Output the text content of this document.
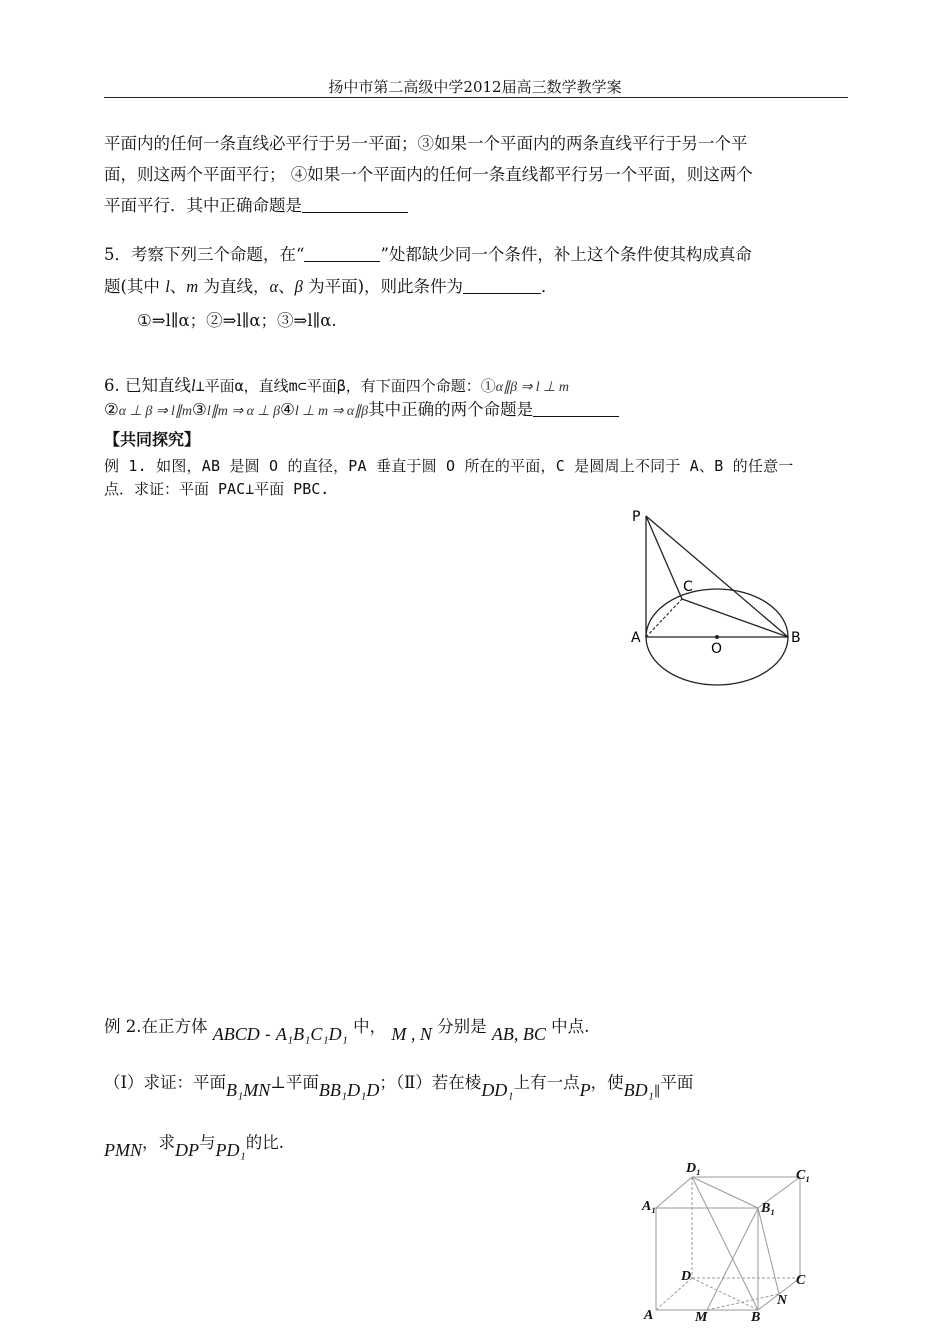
扬中市第二高级中学2012届高三数学教学案
平面内的任何一条直线必平行于另一平面；③如果一个平面内的两条直线平行于另一个平
面，则这两个平面平行； ④如果一个平面内的任何一条直线都平行另一个平面，则这两个
平面平行．其中正确命题是
5．考察下列三个命题，在“	”处都缺少同一个条件，补上这个条件使其构成真命
题(其中 l、m 为直线，α、β 为平面)，则此条件为	．
①⇒l∥α；②⇒l∥α；③⇒l∥α.
6. 已知直线l⊥平面α，直线m⊂平面β，有下面四个命题：①α∥β ⇒ l ⊥ m
②α ⊥ β ⇒ l∥m③l∥m ⇒ α ⊥ β④l ⊥ m ⇒ α∥β其中正确的两个命题是
【共同探究】
例 1. 如图，AB 是圆 O 的直径，PA 垂直于圆 O 所在的平面，C 是圆周上不同于 A、B 的任意一
点．求证：平面 PAC⊥平面 PBC.
P
A	B
C
O
例 2.在正方体 ABCD - A₁B₁C₁D₁ 中， M , N 分别是 AB, BC 中点.
（Ⅰ）求证：平面B₁MN⊥平面BB₁D₁D；（Ⅱ）若在棱DD₁上有一点P，使$BD_1_\parallel$平面
PMN，求DP与PD₁的比.
D₁	C₁
A₁	B₁
D	C
N
A	M	B
